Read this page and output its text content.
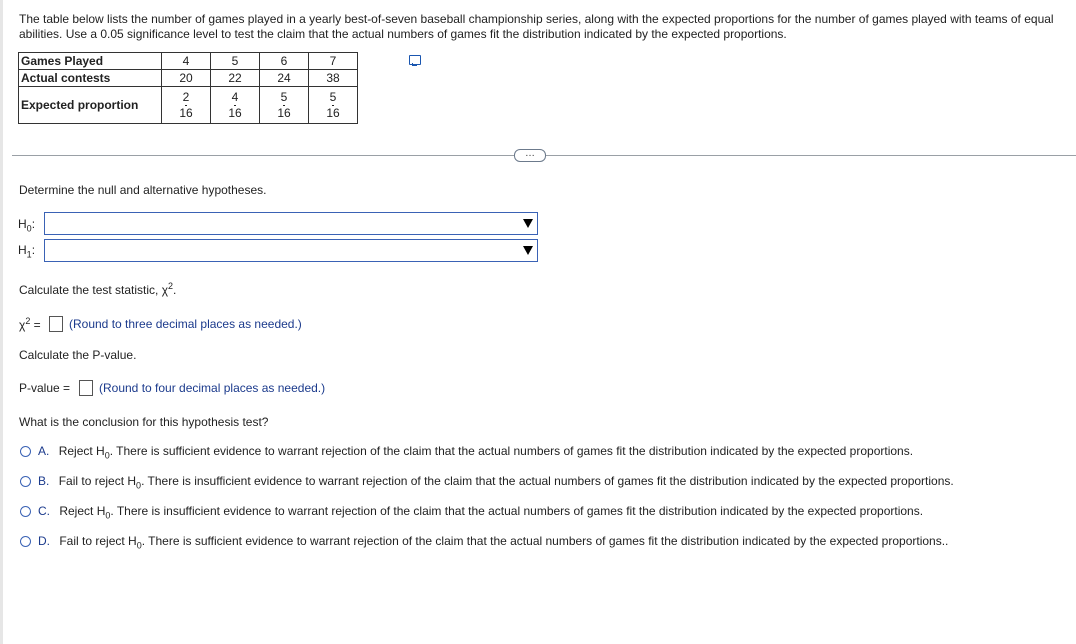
The table below lists the number of games played in a yearly best-of-seven baseball championship series, along with the expected proportions for the number of games played with teams of equal abilities. Use a 0.05 significance level to test the claim that the actual numbers of games fit the distribution indicated by the expected proportions.
Games Played	4	5	6	7
Actual contests	20	22	24	38
Expected proportion	$\frac{2}{16}$	$\frac{4}{16}$	$\frac{5}{16}$	$\frac{5}{16}$
…
Determine the null and alternative hypotheses.
$H_0$:
$H_1$:
Calculate the test statistic, $\chi^2$.
$\chi^2$ = (Round to three decimal places as needed.)
Calculate the P-value.
P-value = (Round to four decimal places as needed.)
What is the conclusion for this hypothesis test?
A. Reject $H_0$. There is sufficient evidence to warrant rejection of the claim that the actual numbers of games fit the distribution indicated by the expected proportions.
B. Fail to reject $H_0$. There is insufficient evidence to warrant rejection of the claim that the actual numbers of games fit the distribution indicated by the expected proportions.
C. Reject $H_0$. There is insufficient evidence to warrant rejection of the claim that the actual numbers of games fit the distribution indicated by the expected proportions.
D. Fail to reject $H_0$. There is sufficient evidence to warrant rejection of the claim that the actual numbers of games fit the distribution indicated by the expected proportions..
